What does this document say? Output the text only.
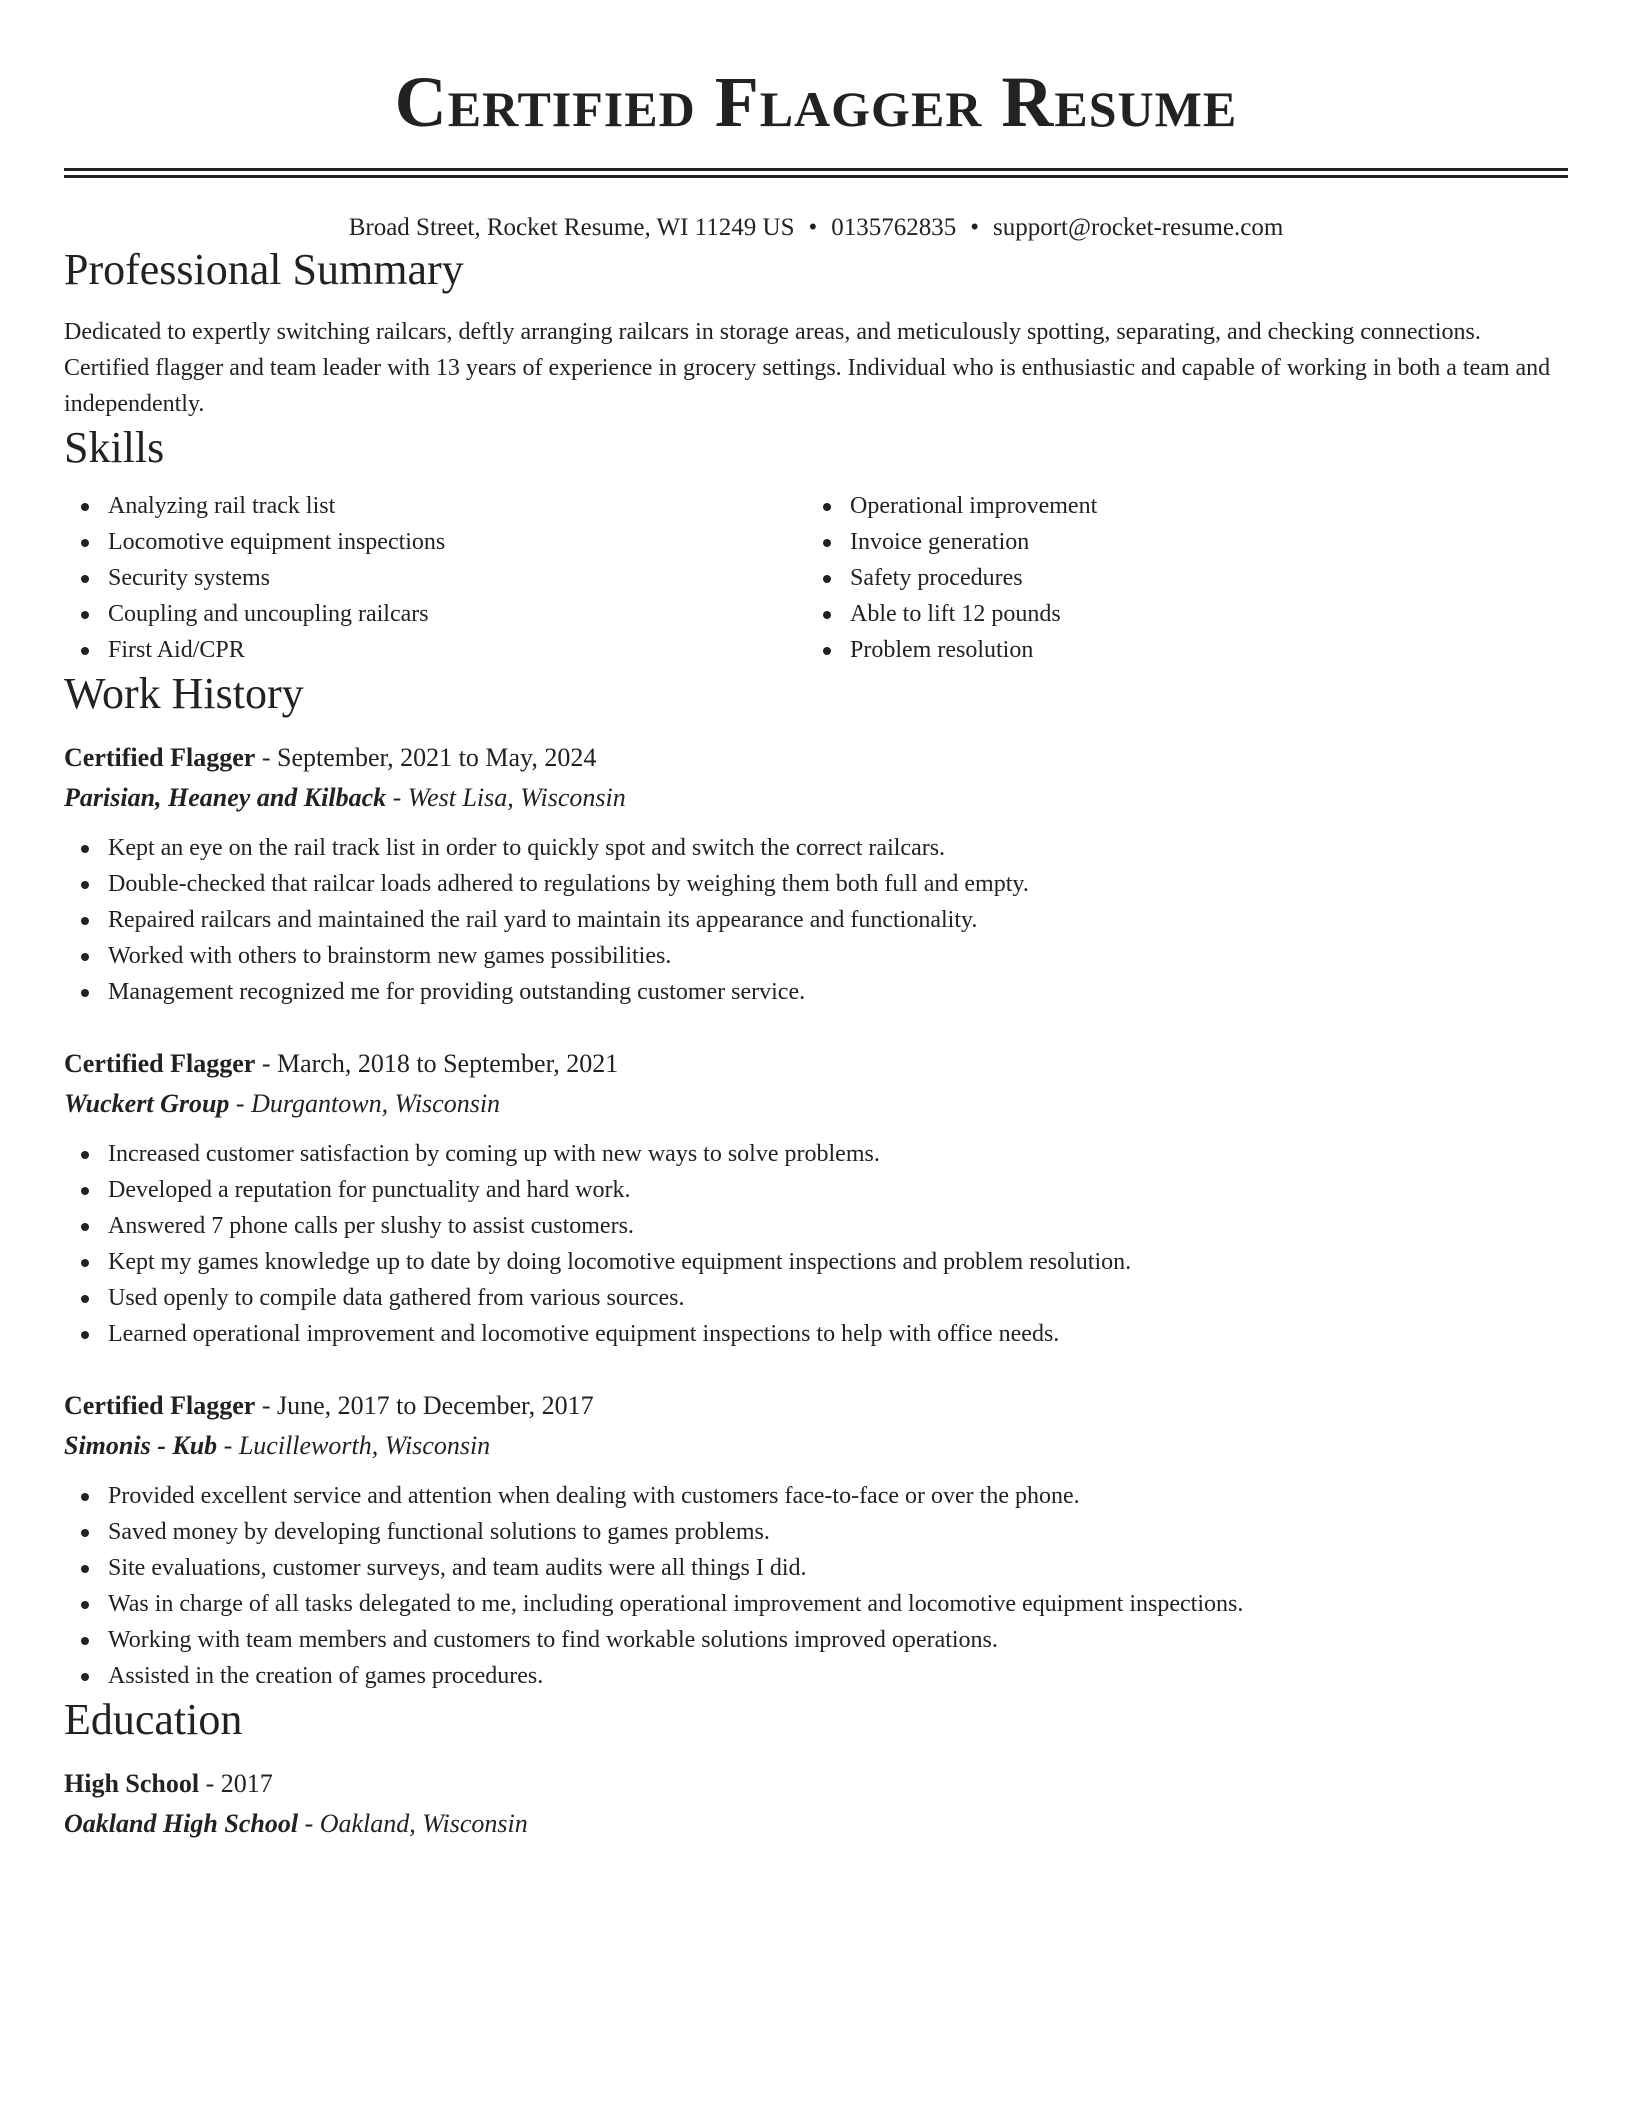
Certified Flagger Resume
Broad Street, Rocket Resume, WI 11249 US • 0135762835 • support@rocket-resume.com
Professional Summary

Dedicated to expertly switching railcars, deftly arranging railcars in storage areas, and meticulously spotting, separating, and checking connections. Certified flagger and team leader with 13 years of experience in grocery settings. Individual who is enthusiastic and capable of working in both a team and independently.

Skills
Analyzing rail track list
Locomotive equipment inspections
Security systems
Coupling and uncoupling railcars
First Aid/CPR
Operational improvement
Invoice generation
Safety procedures
Able to lift 12 pounds
Problem resolution
Work History
Certified Flagger - September, 2021 to May, 2024
Parisian, Heaney and Kilback - West Lisa, Wisconsin
Kept an eye on the rail track list in order to quickly spot and switch the correct railcars.
Double-checked that railcar loads adhered to regulations by weighing them both full and empty.
Repaired railcars and maintained the rail yard to maintain its appearance and functionality.
Worked with others to brainstorm new games possibilities.
Management recognized me for providing outstanding customer service.
Certified Flagger - March, 2018 to September, 2021
Wuckert Group - Durgantown, Wisconsin
Increased customer satisfaction by coming up with new ways to solve problems.
Developed a reputation for punctuality and hard work.
Answered 7 phone calls per slushy to assist customers.
Kept my games knowledge up to date by doing locomotive equipment inspections and problem resolution.
Used openly to compile data gathered from various sources.
Learned operational improvement and locomotive equipment inspections to help with office needs.
Certified Flagger - June, 2017 to December, 2017
Simonis - Kub - Lucilleworth, Wisconsin
Provided excellent service and attention when dealing with customers face-to-face or over the phone.
Saved money by developing functional solutions to games problems.
Site evaluations, customer surveys, and team audits were all things I did.
Was in charge of all tasks delegated to me, including operational improvement and locomotive equipment inspections.
Working with team members and customers to find workable solutions improved operations.
Assisted in the creation of games procedures.
Education
High School - 2017
Oakland High School - Oakland, Wisconsin
